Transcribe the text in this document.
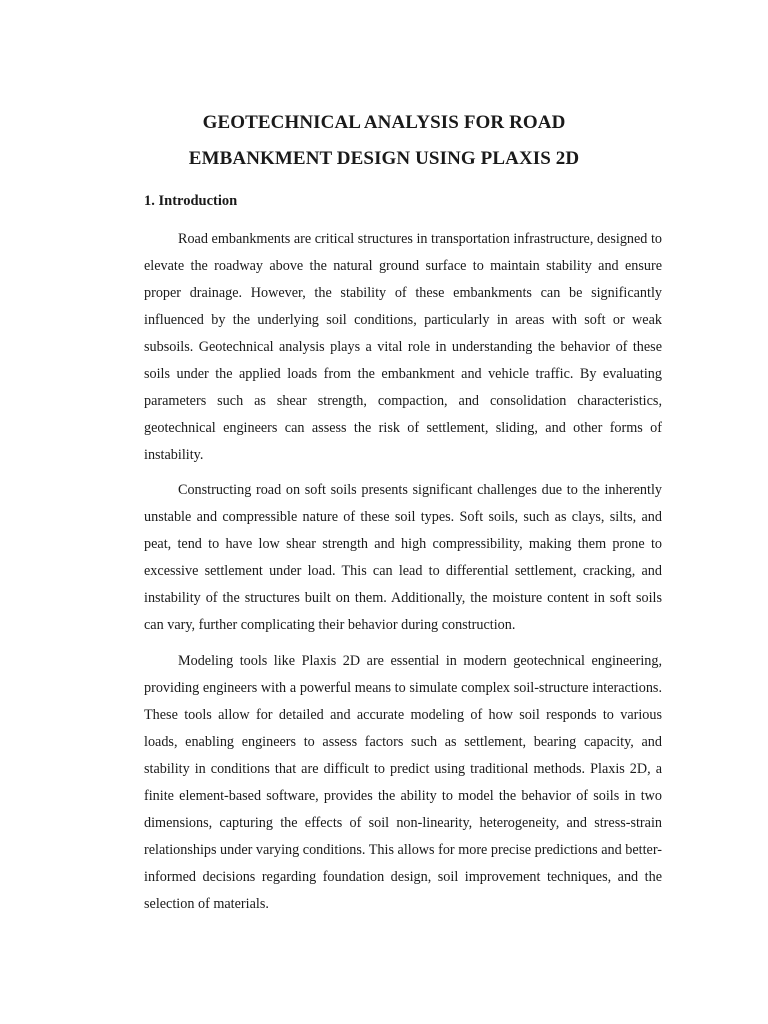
GEOTECHNICAL ANALYSIS FOR ROAD
EMBANKMENT DESIGN USING PLAXIS 2D
1. Introduction

Road embankments are critical structures in transportation infrastructure, designed to elevate the roadway above the natural ground surface to maintain stability and ensure proper drainage. However, the stability of these embankments can be significantly influenced by the underlying soil conditions, particularly in areas with soft or weak subsoils. Geotechnical analysis plays a vital role in understanding the behavior of these soils under the applied loads from the embankment and vehicle traffic. By evaluating parameters such as shear strength, compaction, and consolidation characteristics, geotechnical engineers can assess the risk of settlement, sliding, and other forms of instability.

Constructing road on soft soils presents significant challenges due to the inherently unstable and compressible nature of these soil types. Soft soils, such as clays, silts, and peat, tend to have low shear strength and high compressibility, making them prone to excessive settlement under load. This can lead to differential settlement, cracking, and instability of the structures built on them. Additionally, the moisture content in soft soils can vary, further complicating their behavior during construction.

Modeling tools like Plaxis 2D are essential in modern geotechnical engineering, providing engineers with a powerful means to simulate complex soil-structure interactions. These tools allow for detailed and accurate modeling of how soil responds to various loads, enabling engineers to assess factors such as settlement, bearing capacity, and stability in conditions that are difficult to predict using traditional methods. Plaxis 2D, a finite element-based software, provides the ability to model the behavior of soils in two dimensions, capturing the effects of soil non-linearity, heterogeneity, and stress-strain relationships under varying conditions. This allows for more precise predictions and better-informed decisions regarding foundation design, soil improvement techniques, and the selection of materials.
